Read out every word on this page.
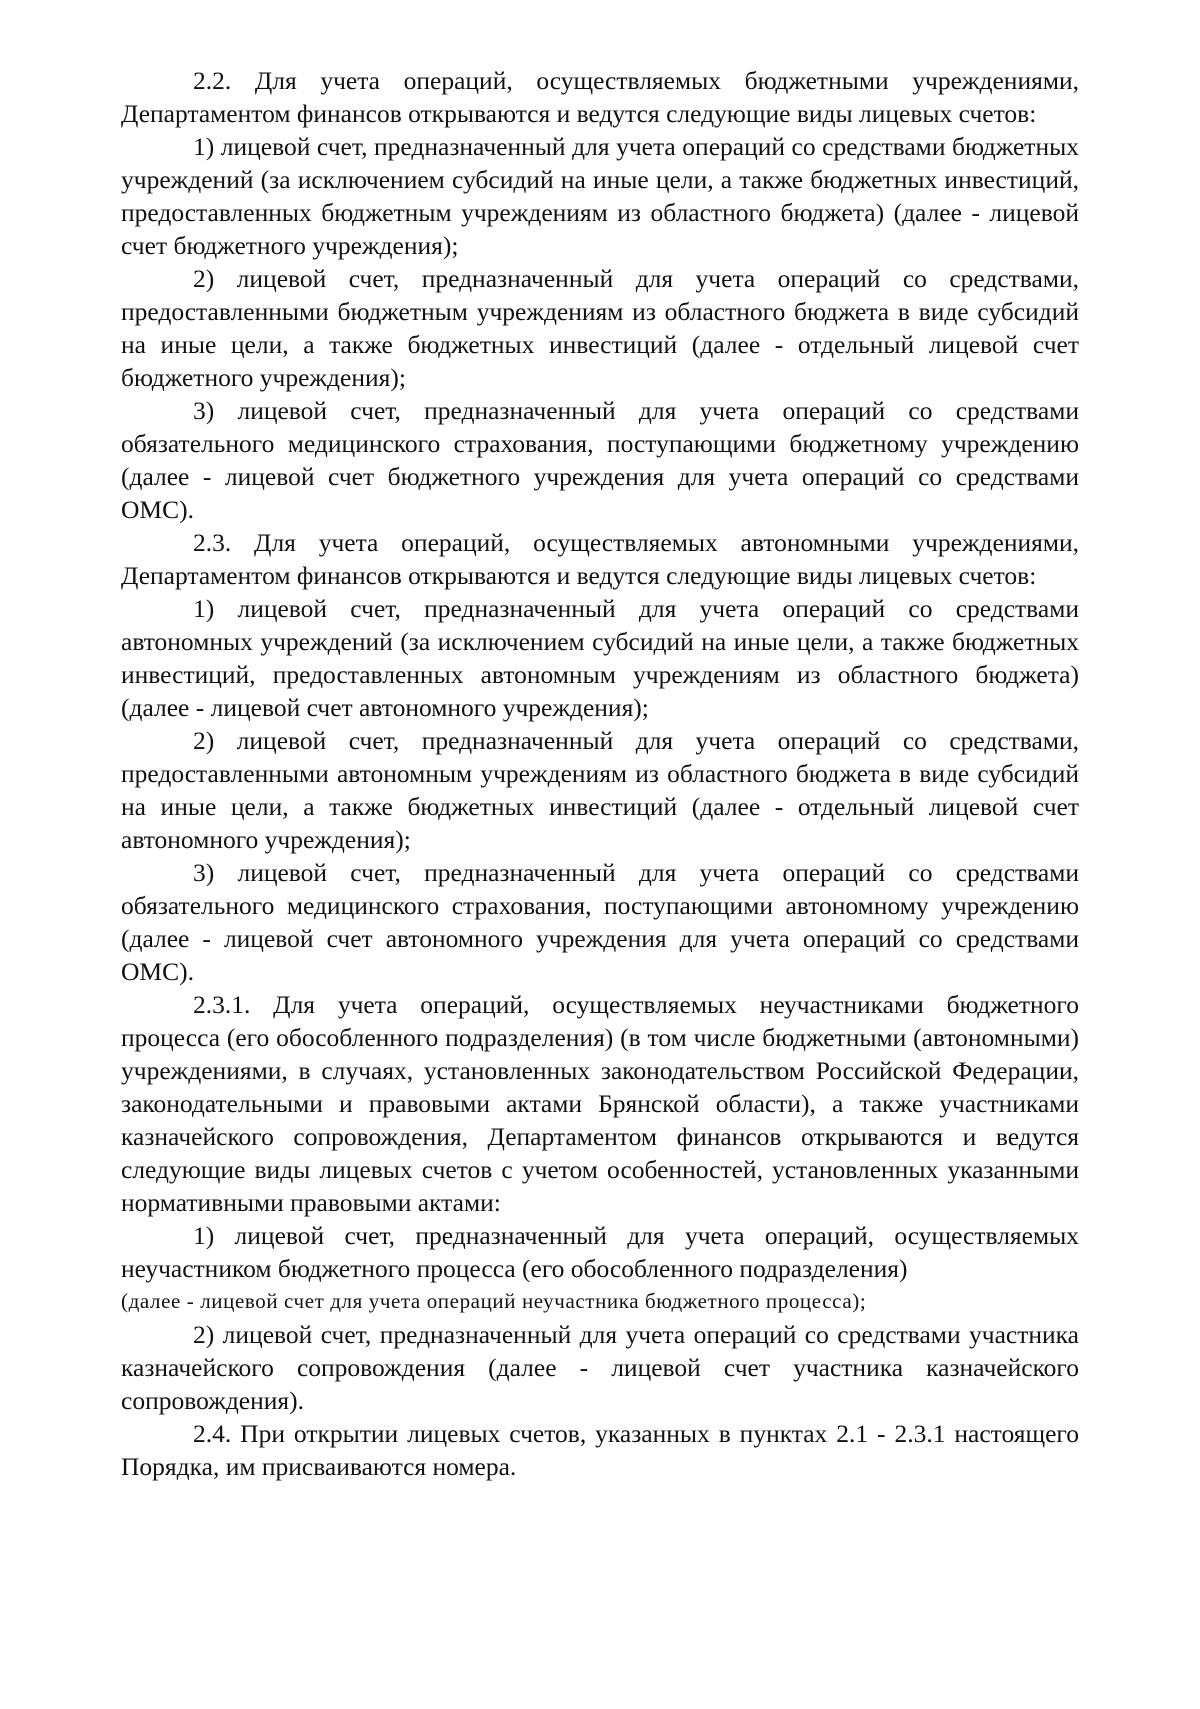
2.2. Для учета операций, осуществляемых бюджетными учреждениями, Департаментом финансов открываются и ведутся следующие виды лицевых счетов:

1) лицевой счет, предназначенный для учета операций со средствами бюджетных учреждений (за исключением субсидий на иные цели, а также бюджетных инвестиций, предоставленных бюджетным учреждениям из областного бюджета) (далее - лицевой счет бюджетного учреждения);

2) лицевой счет, предназначенный для учета операций со средствами, предоставленными бюджетным учреждениям из областного бюджета в виде субсидий на иные цели, а также бюджетных инвестиций (далее - отдельный лицевой счет бюджетного учреждения);

3) лицевой счет, предназначенный для учета операций со средствами обязательного медицинского страхования, поступающими бюджетному учреждению (далее - лицевой счет бюджетного учреждения для учета операций со средствами ОМС).

2.3. Для учета операций, осуществляемых автономными учреждениями, Департаментом финансов открываются и ведутся следующие виды лицевых счетов:

1) лицевой счет, предназначенный для учета операций со средствами автономных учреждений (за исключением субсидий на иные цели, а также бюджетных инвестиций, предоставленных автономным учреждениям из областного бюджета) (далее - лицевой счет автономного учреждения);

2) лицевой счет, предназначенный для учета операций со средствами, предоставленными автономным учреждениям из областного бюджета в виде субсидий на иные цели, а также бюджетных инвестиций (далее - отдельный лицевой счет автономного учреждения);

3) лицевой счет, предназначенный для учета операций со средствами обязательного медицинского страхования, поступающими автономному учреждению (далее - лицевой счет автономного учреждения для учета операций со средствами ОМС).

2.3.1. Для учета операций, осуществляемых неучастниками бюджетного процесса (его обособленного подразделения) (в том числе бюджетными (автономными) учреждениями, в случаях, установленных законодательством Российской Федерации, законодательными и правовыми актами Брянской области), а также участниками казначейского сопровождения, Департаментом финансов открываются и ведутся следующие виды лицевых счетов с учетом особенностей, установленных указанными нормативными правовыми актами:

1) лицевой счет, предназначенный для учета операций, осуществляемых неучастником бюджетного процесса (его обособленного подразделения)

(далее - лицевой счет для учета операций неучастника бюджетного процесса);

2) лицевой счет, предназначенный для учета операций со средствами участника казначейского сопровождения (далее - лицевой счет участника казначейского сопровождения).

2.4. При открытии лицевых счетов, указанных в пунктах 2.1 - 2.3.1 настоящего Порядка, им присваиваются номера.
